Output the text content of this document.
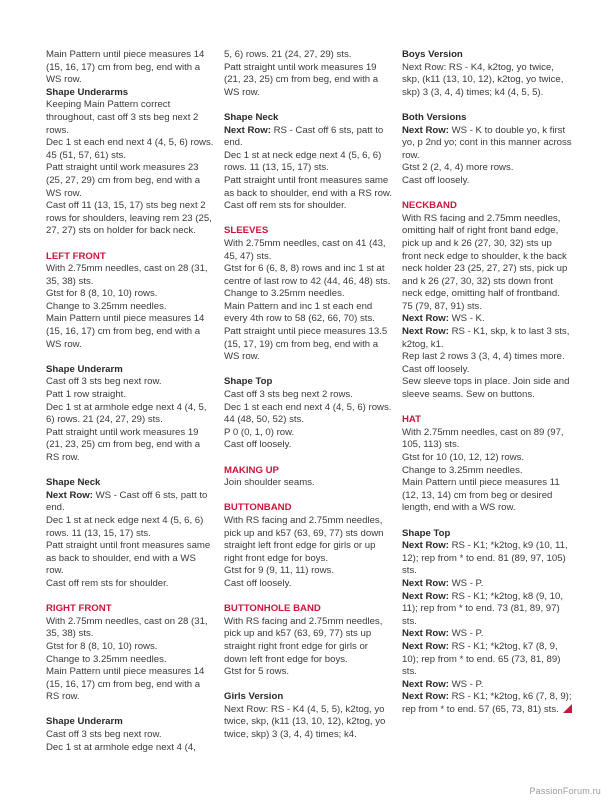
Main Pattern until piece measures 14 (15, 16, 17) cm from beg, end with a WS row.

Shape Underarms

Keeping Main Pattern correct throughout, cast off 3 sts beg next 2 rows.

Dec 1 st each end next 4 (4, 5, 6) rows. 45 (51, 57, 61) sts.

Patt straight until work measures 23 (25, 27, 29) cm from beg, end with a WS row.

Cast off 11 (13, 15, 17) sts beg next 2 rows for shoulders, leaving rem 23 (25, 27, 27) sts on holder for back neck.

LEFT FRONT

With 2.75mm needles, cast on 28 (31, 35, 38) sts.

Gtst for 8 (8, 10, 10) rows.

Change to 3.25mm needles.

Main Pattern until piece measures 14 (15, 16, 17) cm from beg, end with a WS row.

Shape Underarm

Cast off 3 sts beg next row.

Patt 1 row straight.

Dec 1 st at armhole edge next 4 (4, 5, 6) rows. 21 (24, 27, 29) sts.

Patt straight until work measures 19 (21, 23, 25) cm from beg, end with a RS row.

Shape Neck

Next Row: WS - Cast off 6 sts, patt to end.

Dec 1 st at neck edge next 4 (5, 6, 6) rows. 11 (13, 15, 17) sts.

Patt straight until front measures same as back to shoulder, end with a WS row.

Cast off rem sts for shoulder.

RIGHT FRONT

With 2.75mm needles, cast on 28 (31, 35, 38) sts.

Gtst for 8 (8, 10, 10) rows.

Change to 3.25mm needles.

Main Pattern until piece measures 14 (15, 16, 17) cm from beg, end with a RS row.

Shape Underarm

Cast off 3 sts beg next row.

Dec 1 st at armhole edge next 4 (4,

5, 6) rows. 21 (24, 27, 29) sts.

Patt straight until work measures 19 (21, 23, 25) cm from beg, end with a WS row.

Shape Neck

Next Row: RS - Cast off 6 sts, patt to end.

Dec 1 st at neck edge next 4 (5, 6, 6) rows. 11 (13, 15, 17) sts.

Patt straight until front measures same as back to shoulder, end with a RS row.

Cast off rem sts for shoulder.

SLEEVES

With 2.75mm needles, cast on 41 (43, 45, 47) sts.

Gtst for 6 (6, 8, 8) rows and inc 1 st at centre of last row to 42 (44, 46, 48) sts.

Change to 3.25mm needles.

Main Pattern and inc 1 st each end every 4th row to 58 (62, 66, 70) sts.

Patt straight until piece measures 13.5 (15, 17, 19) cm from beg, end with a WS row.

Shape Top

Cast off 3 sts beg next 2 rows.

Dec 1 st each end next 4 (4, 5, 6) rows. 44 (48, 50, 52) sts.

P 0 (0, 1, 0) row.

Cast off loosely.

MAKING UP

Join shoulder seams.

BUTTONBAND

With RS facing and 2.75mm needles, pick up and k57 (63, 69, 77) sts down straight left front edge for girls or up right front edge for boys.

Gtst for 9 (9, 11, 11) rows.

Cast off loosely.

BUTTONHOLE BAND

With RS facing and 2.75mm needles, pick up and k57 (63, 69, 77) sts up straight right front edge for girls or down left front edge for boys.

Gtst for 5 rows.

Girls Version

Next Row: RS - K4 (4, 5, 5), k2tog, yo twice, skp, (k11 (13, 10, 12), k2tog, yo twice, skp) 3 (3, 4, 4) times; k4.

Boys Version

Next Row: RS - K4, k2tog, yo twice, skp, (k11 (13, 10, 12), k2tog, yo twice, skp) 3 (3, 4, 4) times; k4 (4, 5, 5).

Both Versions

Next Row: WS - K to double yo, k first yo, p 2nd yo; cont in this manner across row.

Gtst 2 (2, 4, 4) more rows.

Cast off loosely.

NECKBAND

With RS facing and 2.75mm needles, omitting half of right front band edge, pick up and k 26 (27, 30, 32) sts up front neck edge to shoulder, k the back neck holder 23 (25, 27, 27) sts, pick up and k 26 (27, 30, 32) sts down front neck edge, omitting half of frontband. 75 (79, 87, 91) sts.

Next Row: WS - K.

Next Row: RS - K1, skp, k to last 3 sts, k2tog, k1.

Rep last 2 rows 3 (3, 4, 4) times more.

Cast off loosely.

Sew sleeve tops in place. Join side and sleeve seams. Sew on buttons.

HAT

With 2.75mm needles, cast on 89 (97, 105, 113) sts.

Gtst for 10 (10, 12, 12) rows.

Change to 3.25mm needles.

Main Pattern until piece measures 11 (12, 13, 14) cm from beg or desired length, end with a WS row.

Shape Top

Next Row: RS - K1; *k2tog, k9 (10, 11, 12); rep from * to end. 81 (89, 97, 105) sts.

Next Row: WS - P.

Next Row: RS - K1; *k2tog, k8 (9, 10, 11); rep from * to end. 73 (81, 89, 97) sts.

Next Row: WS - P.

Next Row: RS - K1; *k2tog, k7 (8, 9, 10); rep from * to end. 65 (73, 81, 89) sts.

Next Row: WS - P.

Next Row: RS - K1; *k2tog, k6 (7, 8, 9); rep from * to end. 57 (65, 73, 81) sts.

PassionForum.ru
